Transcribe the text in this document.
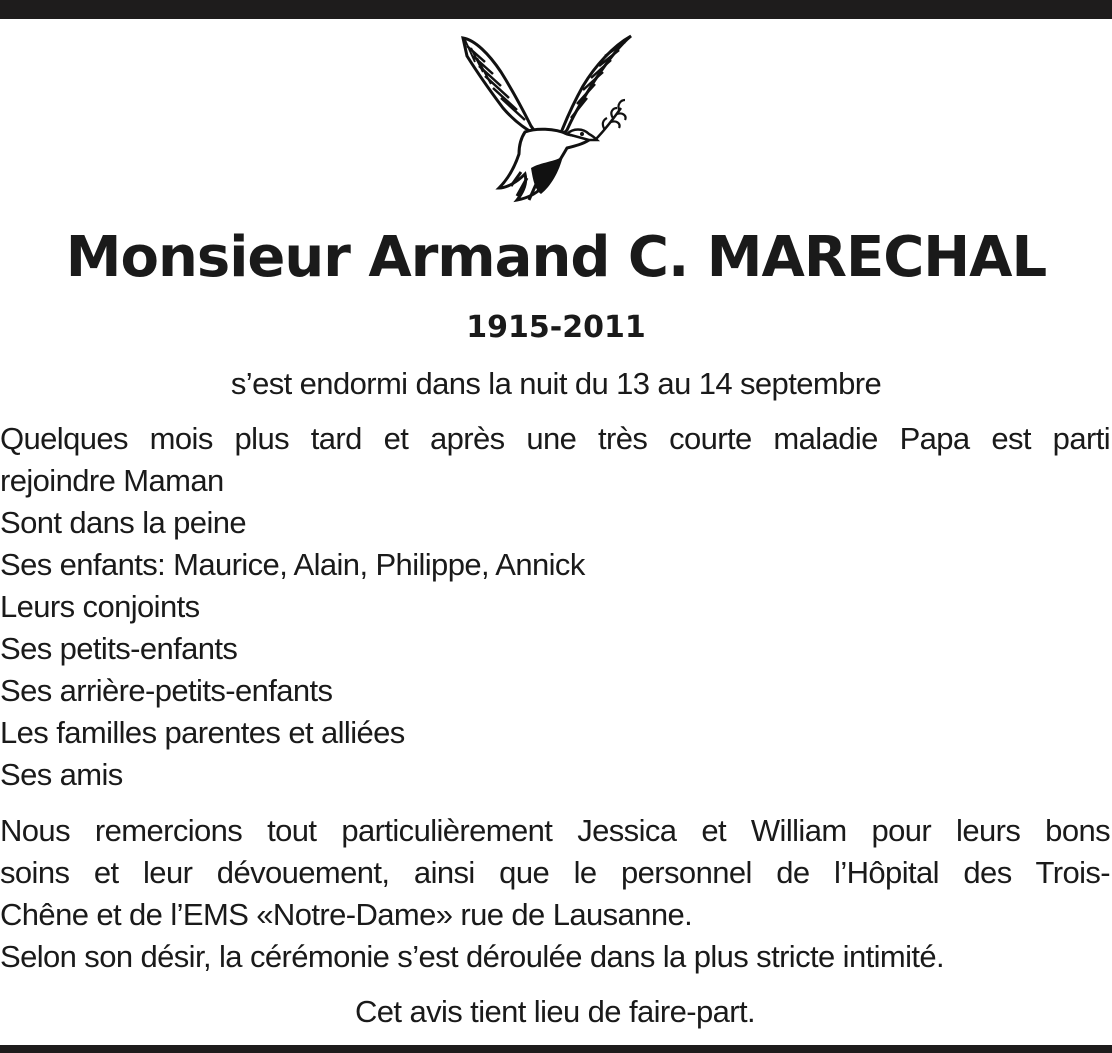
Monsieur Armand C. MARECHAL
1915-2011
s’est endormi dans la nuit du 13 au 14 septembre
Quelques mois plus tard et après une très courte maladie Papa est parti
rejoindre Maman
Sont dans la peine
Ses enfants: Maurice, Alain, Philippe, Annick
Leurs conjoints
Ses petits-enfants
Ses arrière-petits-enfants
Les familles parentes et alliées
Ses amis
Nous remercions tout particulièrement Jessica et William pour leurs bons
soins et leur dévouement, ainsi que le personnel de l’Hôpital des Trois-
Chêne et de l’EMS «Notre-Dame» rue de Lausanne.
Selon son désir, la cérémonie s’est déroulée dans la plus stricte intimité.
Cet avis tient lieu de faire-part.
